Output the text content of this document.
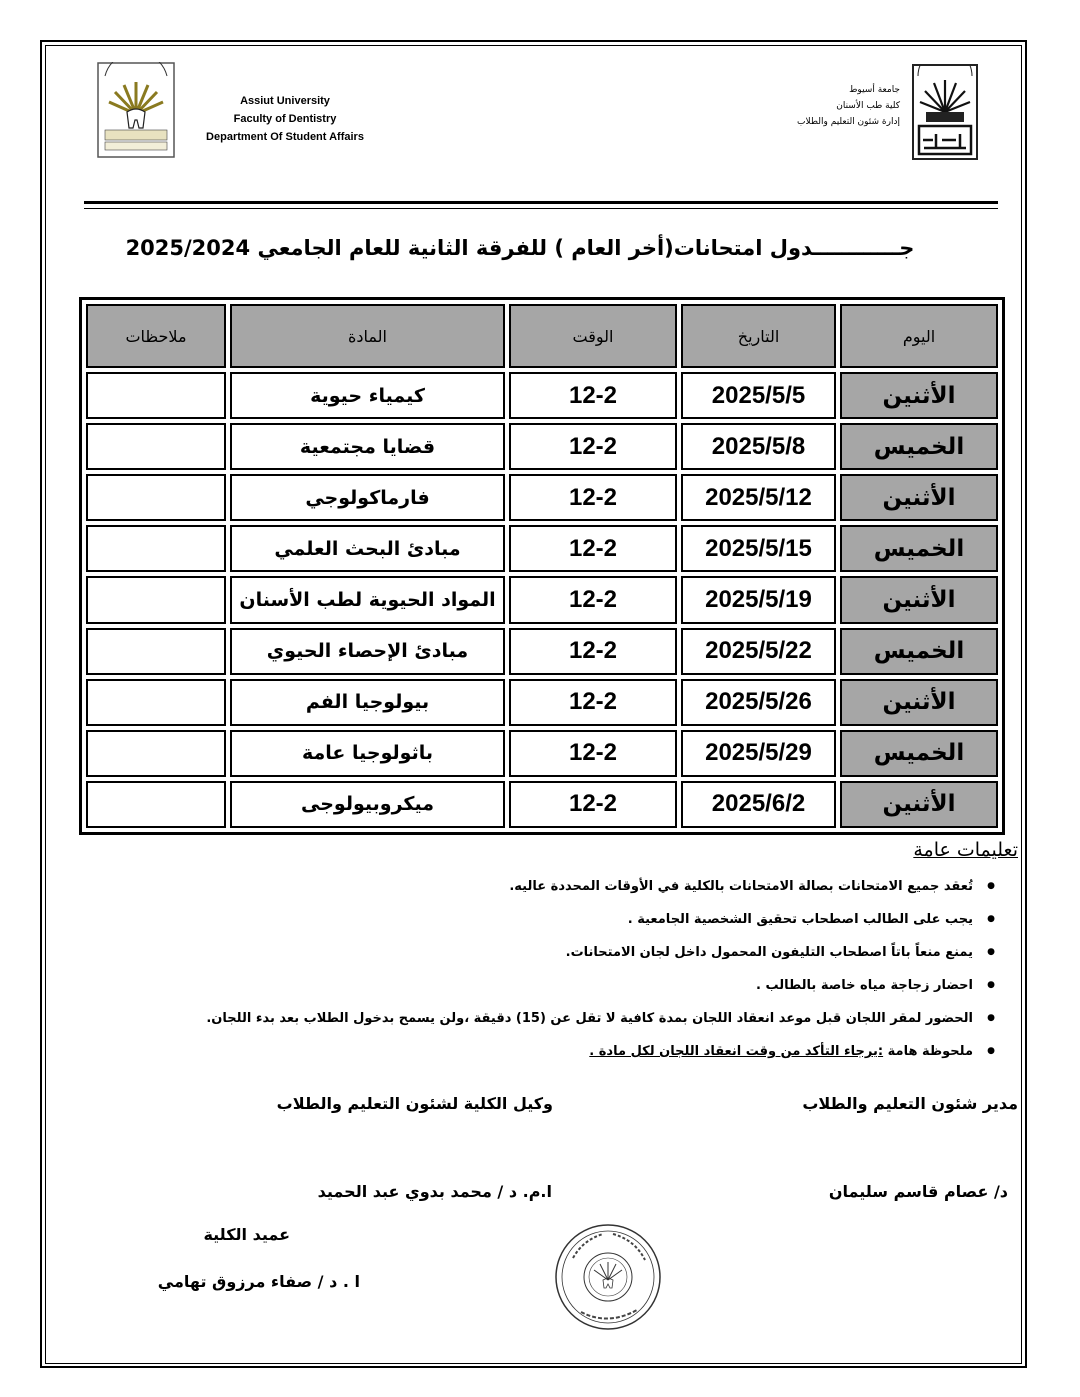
Assiut University
Faculty of Dentistry
Department Of Student Affairs
جامعة أسيوط
كلية طب الأسنان
إدارة شئون التعليم والطلاب
جــــــــــــدول امتحانات(أخر العام ) للفرقة الثانية للعام الجامعي 2025/2024
اليوم	التاريخ	الوقت	المادة	ملاحظات
الأثنين	2025/5/5	12-2	كيمياء حيوية	
الخميس	2025/5/8	12-2	قضايا مجتمعية	
الأثنين	2025/5/12	12-2	فارماكولوجي	
الخميس	2025/5/15	12-2	مبادئ البحث العلمي	
الأثنين	2025/5/19	12-2	المواد الحيوية لطب الأسنان	
الخميس	2025/5/22	12-2	مبادئ الإحصاء الحيوي	
الأثنين	2025/5/26	12-2	بيولوجيا الفم	
الخميس	2025/5/29	12-2	باثولوجيا عامة	
الأثنين	2025/6/2	12-2	ميكروبيولوجى	
تعليمات عامة
● تُعقد جميع الامتحانات بصالة الامتحانات بالكلية في الأوقات المحددة عاليه.
● يجب على الطالب اصطحاب تحقيق الشخصية الجامعية .
● يمنع منعاً باتاً اصطحاب التليفون المحمول داخل لجان الامتحانات.
● احضار زجاجة مياه خاصة بالطالب .
● الحضور لمقر اللجان قبل موعد انعقاد اللجان بمدة كافية لا تقل عن (15) دقيقة ،ولن يسمح بدخول الطلاب بعد بدء اللجان.
● ملحوظة هامة :يرجاء التأكد من وقت انعقاد اللجان لكل مادة .
مدير شئون التعليم والطلاب
وكيل الكلية لشئون التعليم والطلاب
د/ عصام قاسم سليمان
ا.م. د / محمد بدوي عبد الحميد
عميد الكلية
ا . د / صفاء مرزوق تهامي
